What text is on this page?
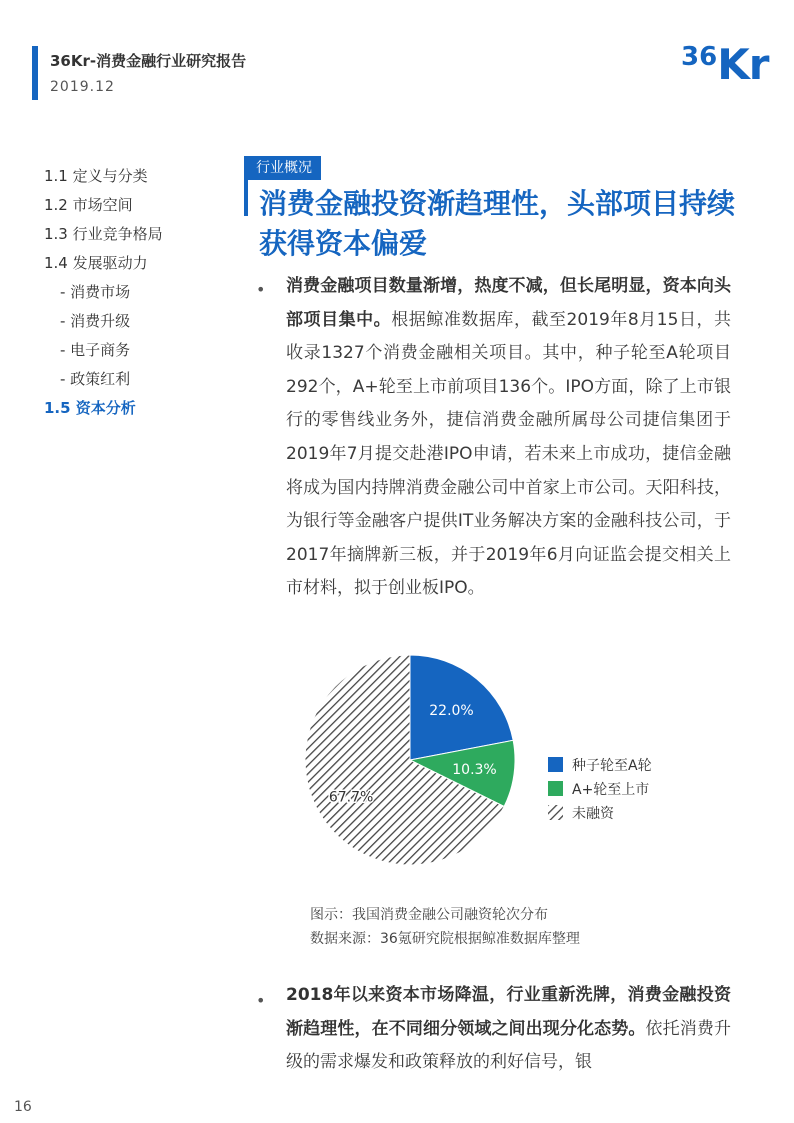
36Kr-消费金融行业研究报告
2019.12
36Kr
1.1 定义与分类
1.2 市场空间
1.3 行业竞争格局
1.4 发展驱动力
- 消费市场
- 消费升级
- 电子商务
- 政策红利
1.5 资本分析
行业概况
消费金融投资渐趋理性，头部项目持续获得资本偏爱
• 消费金融项目数量渐增，热度不减，但长尾明显，资本向头部项目集中。根据鲸准数据库，截至2019年8月15日，共收录1327个消费金融相关项目。其中，种子轮至A轮项目292个，A+轮至上市前项目136个。IPO方面，除了上市银行的零售线业务外，捷信消费金融所属母公司捷信集团于2019年7月提交赴港IPO申请，若未来上市成功，捷信金融将成为国内持牌消费金融公司中首家上市公司。天阳科技，为银行等金融客户提供IT业务解决方案的金融科技公司，于2017年摘牌新三板，并于2019年6月向证监会提交相关上市材料，拟于创业板IPO。

22.0%
10.3%
67.7%
种子轮至A轮
A+轮至上市
未融资
图示：我国消费金融公司融资轮次分布
数据来源：36氪研究院根据鲸准数据库整理
• 2018年以来资本市场降温，行业重新洗牌，消费金融投资渐趋理性，在不同细分领域之间出现分化态势。依托消费升级的需求爆发和政策释放的利好信号，银

16
